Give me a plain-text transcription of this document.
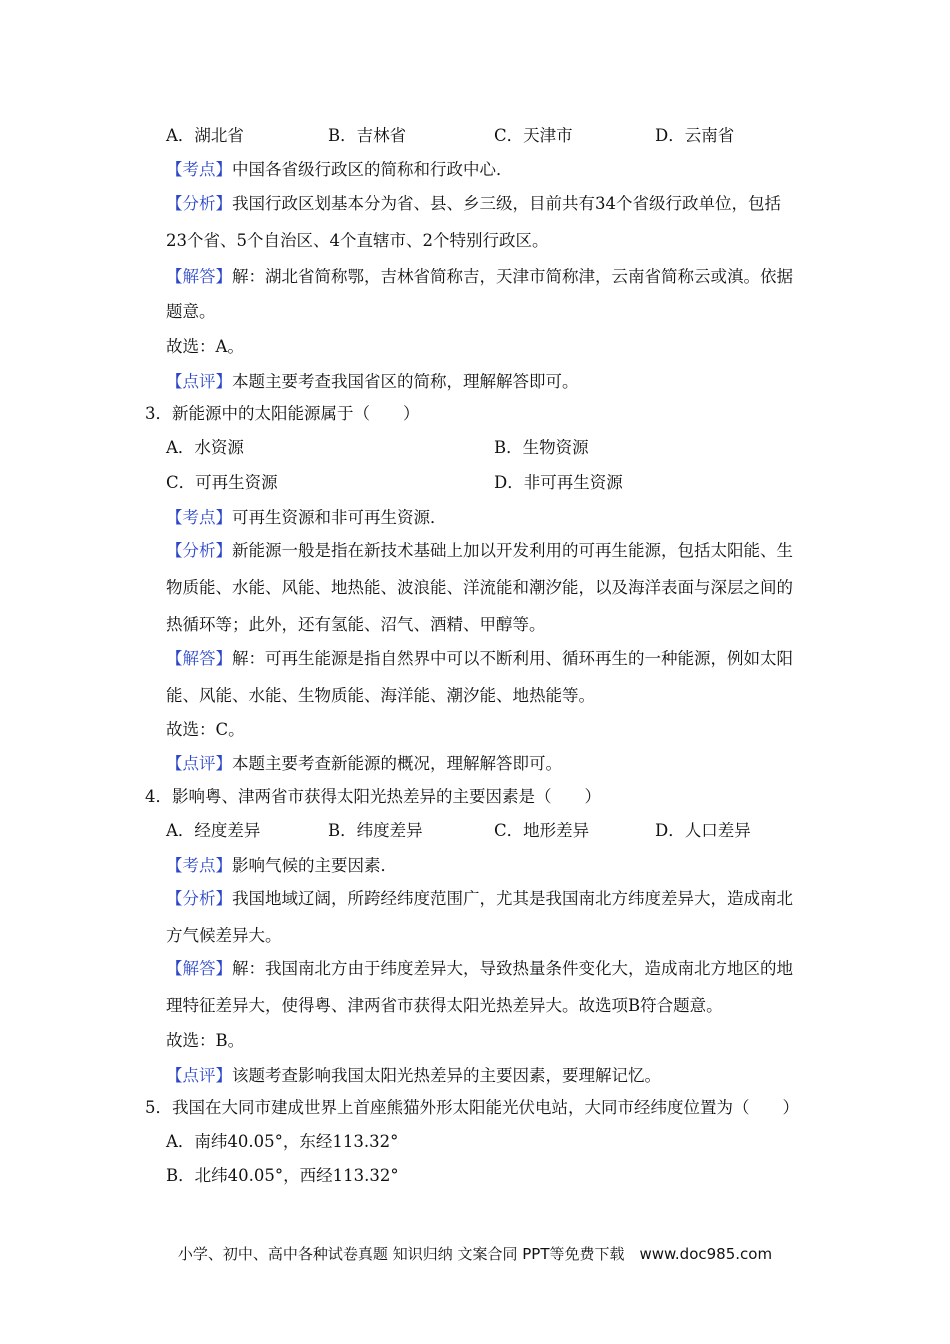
A．湖北省	B．吉林省	C．天津市	D．云南省
【考点】中国各省级行政区的简称和行政中心．
【分析】我国行政区划基本分为省、县、乡三级，目前共有34个省级行政单位，包括
23个省、5个自治区、4个直辖市、2个特别行政区。
【解答】解：湖北省简称鄂，吉林省简称吉，天津市简称津，云南省简称云或滇。依据
题意。
故选：A。
【点评】本题主要考查我国省区的简称，理解解答即可。
3．新能源中的太阳能源属于（　　）
A．水资源	B．生物资源
C．可再生资源	D．非可再生资源
【考点】可再生资源和非可再生资源．
【分析】新能源一般是指在新技术基础上加以开发利用的可再生能源，包括太阳能、生
物质能、水能、风能、地热能、波浪能、洋流能和潮汐能，以及海洋表面与深层之间的
热循环等；此外，还有氢能、沼气、酒精、甲醇等。
【解答】解：可再生能源是指自然界中可以不断利用、循环再生的一种能源，例如太阳
能、风能、水能、生物质能、海洋能、潮汐能、地热能等。
故选：C。
【点评】本题主要考查新能源的概况，理解解答即可。
4．影响粤、津两省市获得太阳光热差异的主要因素是（　　）
A．经度差异	B．纬度差异	C．地形差异	D．人口差异
【考点】影响气候的主要因素．
【分析】我国地域辽阔，所跨经纬度范围广，尤其是我国南北方纬度差异大，造成南北
方气候差异大。
【解答】解：我国南北方由于纬度差异大，导致热量条件变化大，造成南北方地区的地
理特征差异大，使得粤、津两省市获得太阳光热差异大。故选项B符合题意。
故选：B。
【点评】该题考查影响我国太阳光热差异的主要因素，要理解记忆。
5．我国在大同市建成世界上首座熊猫外形太阳能光伏电站，大同市经纬度位置为（　　）
A．南纬40.05°，东经113.32°
B．北纬40.05°，西经113.32°
小学、初中、高中各种试卷真题 知识归纳 文案合同 PPT等免费下载　www.doc985.com
